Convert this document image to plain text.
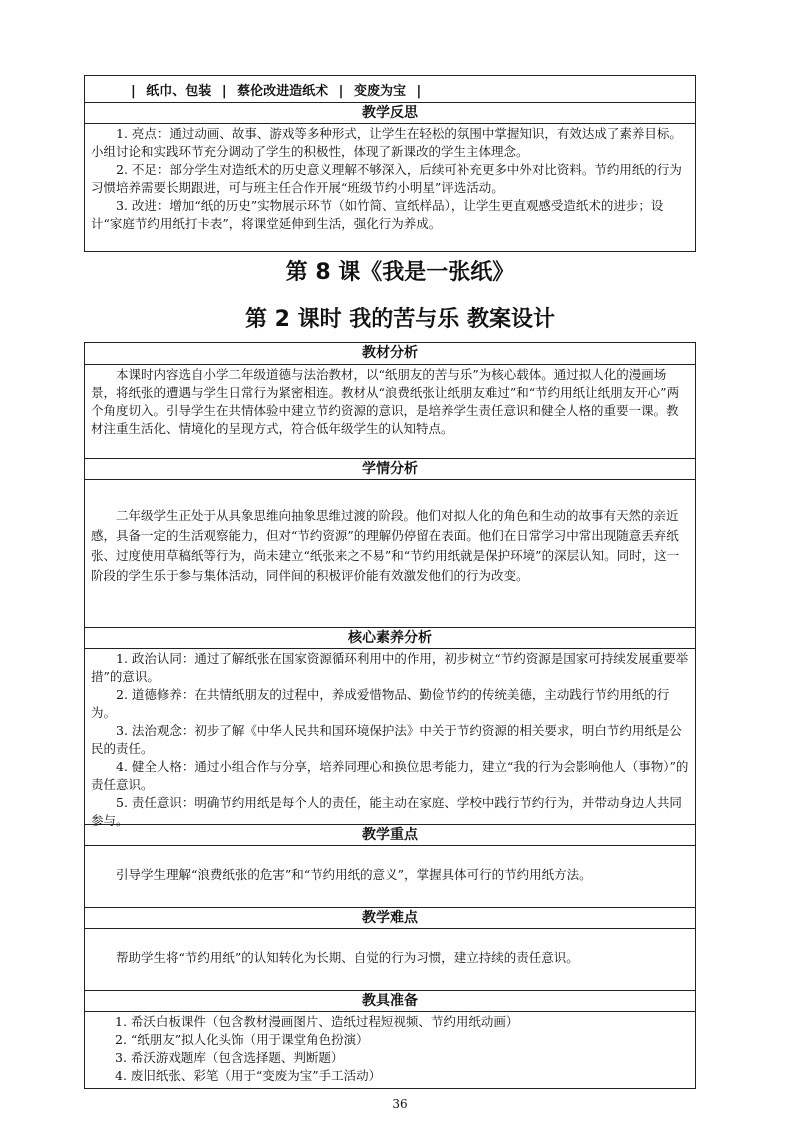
| 纸巾、包装 | 蔡伦改进造纸术 | 变废为宝 |
教学反思

1. 亮点：通过动画、故事、游戏等多种形式，让学生在轻松的氛围中掌握知识，有效达成了素养目标。小组讨论和实践环节充分调动了学生的积极性，体现了新课改的学生主体理念。

2. 不足：部分学生对造纸术的历史意义理解不够深入，后续可补充更多中外对比资料。节约用纸的行为习惯培养需要长期跟进，可与班主任合作开展“班级节约小明星”评选活动。

3. 改进：增加“纸的历史”实物展示环节（如竹简、宣纸样品），让学生更直观感受造纸术的进步；设计“家庭节约用纸打卡表”，将课堂延伸到生活，强化行为养成。

第 8 课《我是一张纸》
第 2 课时 我的苦与乐 教案设计
教材分析

本课时内容选自小学二年级道德与法治教材，以“纸朋友的苦与乐”为核心载体。通过拟人化的漫画场景，将纸张的遭遇与学生日常行为紧密相连。教材从“浪费纸张让纸朋友难过”和“节约用纸让纸朋友开心”两个角度切入。引导学生在共情体验中建立节约资源的意识，是培养学生责任意识和健全人格的重要一课。教材注重生活化、情境化的呈现方式，符合低年级学生的认知特点。

学情分析

二年级学生正处于从具象思维向抽象思维过渡的阶段。他们对拟人化的角色和生动的故事有天然的亲近感，具备一定的生活观察能力，但对“节约资源”的理解仍停留在表面。他们在日常学习中常出现随意丢弃纸张、过度使用草稿纸等行为，尚未建立“纸张来之不易”和“节约用纸就是保护环境”的深层认知。同时，这一阶段的学生乐于参与集体活动，同伴间的积极评价能有效激发他们的行为改变。

核心素养分析

1. 政治认同：通过了解纸张在国家资源循环利用中的作用，初步树立“节约资源是国家可持续发展重要举措”的意识。

2. 道德修养：在共情纸朋友的过程中，养成爱惜物品、勤俭节约的传统美德，主动践行节约用纸的行为。

3. 法治观念：初步了解《中华人民共和国环境保护法》中关于节约资源的相关要求，明白节约用纸是公民的责任。

4. 健全人格：通过小组合作与分享，培养同理心和换位思考能力，建立“我的行为会影响他人（事物）”的责任意识。

5. 责任意识：明确节约用纸是每个人的责任，能主动在家庭、学校中践行节约行为，并带动身边人共同参与。

教学重点

引导学生理解“浪费纸张的危害”和“节约用纸的意义”，掌握具体可行的节约用纸方法。

教学难点

帮助学生将“节约用纸”的认知转化为长期、自觉的行为习惯，建立持续的责任意识。

教具准备

1. 希沃白板课件（包含教材漫画图片、造纸过程短视频、节约用纸动画）

2. “纸朋友”拟人化头饰（用于课堂角色扮演）

3. 希沃游戏题库（包含选择题、判断题）

4. 废旧纸张、彩笔（用于“变废为宝”手工活动）

36
